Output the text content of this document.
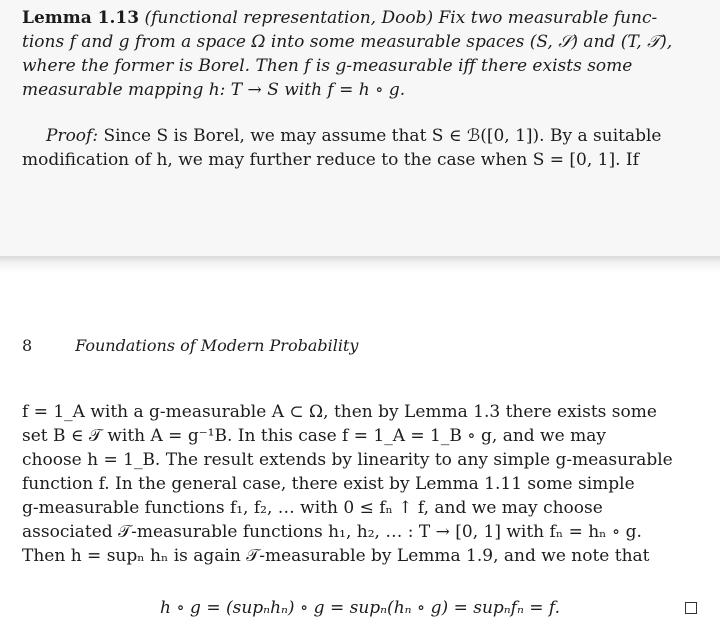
Lemma 1.13 (functional representation, Doob) Fix two measurable func-
tions f and g from a space Ω into some measurable spaces (S, 𝒮) and (T, 𝒯),
where the former is Borel. Then f is g-measurable iff there exists some
measurable mapping h: T → S with f = h ∘ g.
Proof: Since S is Borel, we may assume that S ∈ ℬ([0, 1]). By a suitable
modification of h, we may further reduce to the case when S = [0, 1]. If
8	Foundations of Modern Probability
f = 1_A with a g-measurable A ⊂ Ω, then by Lemma 1.3 there exists some
set B ∈ 𝒯 with A = g⁻¹B. In this case f = 1_A = 1_B ∘ g, and we may
choose h = 1_B. The result extends by linearity to any simple g-measurable
function f. In the general case, there exist by Lemma 1.11 some simple
g-measurable functions f₁, f₂, … with 0 ≤ fₙ ↑ f, and we may choose
associated 𝒯-measurable functions h₁, h₂, … : T → [0, 1] with fₙ = hₙ ∘ g.
Then h = supₙ hₙ is again 𝒯-measurable by Lemma 1.9, and we note that
h ∘ g = (supₙhₙ) ∘ g = supₙ(hₙ ∘ g) = supₙfₙ = f.
